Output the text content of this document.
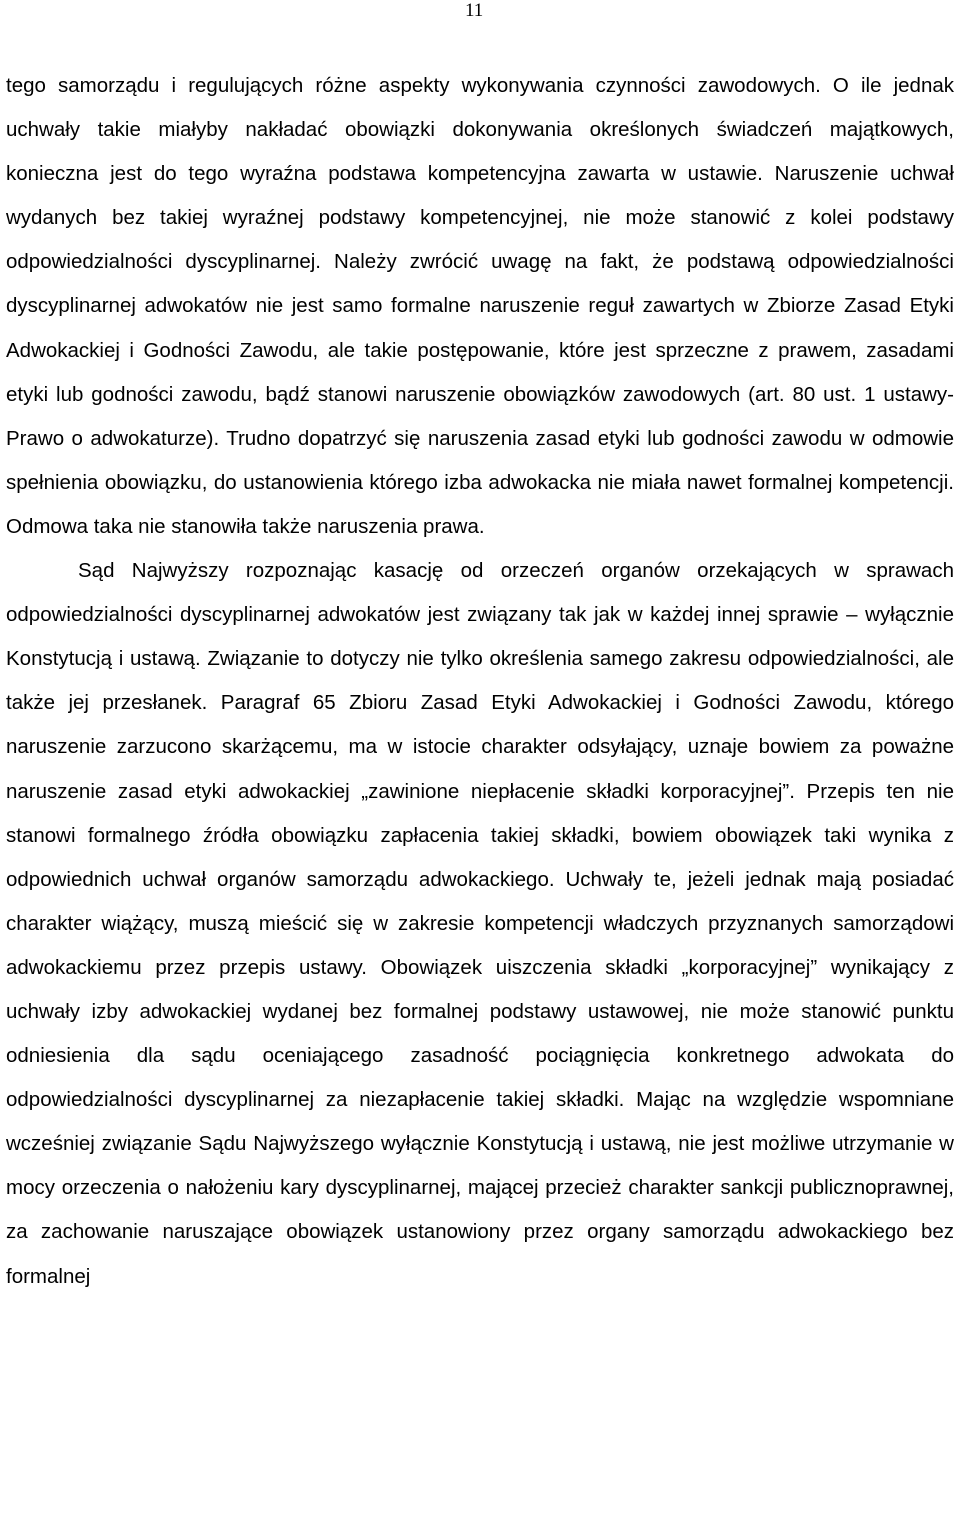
11

tego samorządu i regulujących różne aspekty wykonywania czynności zawodowych. O ile jednak uchwały takie miałyby nakładać obowiązki dokonywania określonych świadczeń majątkowych, konieczna jest do tego wyraźna podstawa kompetencyjna zawarta w ustawie. Naruszenie uchwał wydanych bez takiej wyraźnej podstawy kompetencyjnej, nie może stanowić z kolei podstawy odpowiedzialności dyscyplinarnej. Należy zwrócić uwagę na fakt, że podstawą odpowiedzialności dyscyplinarnej adwokatów nie jest samo formalne naruszenie reguł zawartych w Zbiorze Zasad Etyki Adwokackiej i Godności Zawodu, ale takie postępowanie, które jest sprzeczne z prawem, zasadami etyki lub godności zawodu, bądź stanowi naruszenie obowiązków zawodowych (art. 80 ust. 1 ustawy- Prawo o adwokaturze). Trudno dopatrzyć się naruszenia zasad etyki lub godności zawodu w odmowie spełnienia obowiązku, do ustanowienia którego izba adwokacka nie miała nawet formalnej kompetencji. Odmowa taka nie stanowiła także naruszenia prawa.

Sąd Najwyższy rozpoznając kasację od orzeczeń organów orzekających w sprawach odpowiedzialności dyscyplinarnej adwokatów jest związany tak jak w każdej innej sprawie – wyłącznie Konstytucją i ustawą. Związanie to dotyczy nie tylko określenia samego zakresu odpowiedzialności, ale także jej przesłanek. Paragraf 65 Zbioru Zasad Etyki Adwokackiej i Godności Zawodu, którego naruszenie zarzucono skarżącemu, ma w istocie charakter odsyłający, uznaje bowiem za poważne naruszenie zasad etyki adwokackiej „zawinione niepłacenie składki korporacyjnej”. Przepis ten nie stanowi formalnego źródła obowiązku zapłacenia takiej składki, bowiem obowiązek taki wynika z odpowiednich uchwał organów samorządu adwokackiego. Uchwały te, jeżeli jednak mają posiadać charakter wiążący, muszą mieścić się w zakresie kompetencji władczych przyznanych samorządowi adwokackiemu przez przepis ustawy. Obowiązek uiszczenia składki „korporacyjnej” wynikający z uchwały izby adwokackiej wydanej bez formalnej podstawy ustawowej, nie może stanowić punktu odniesienia dla sądu oceniającego zasadność pociągnięcia konkretnego adwokata do odpowiedzialności dyscyplinarnej za niezapłacenie takiej składki. Mając na względzie wspomniane wcześniej związanie Sądu Najwyższego wyłącznie Konstytucją i ustawą, nie jest możliwe utrzymanie w mocy orzeczenia o nałożeniu kary dyscyplinarnej, mającej przecież charakter sankcji publicznoprawnej, za zachowanie naruszające obowiązek ustanowiony przez organy samorządu adwokackiego bez formalnej
